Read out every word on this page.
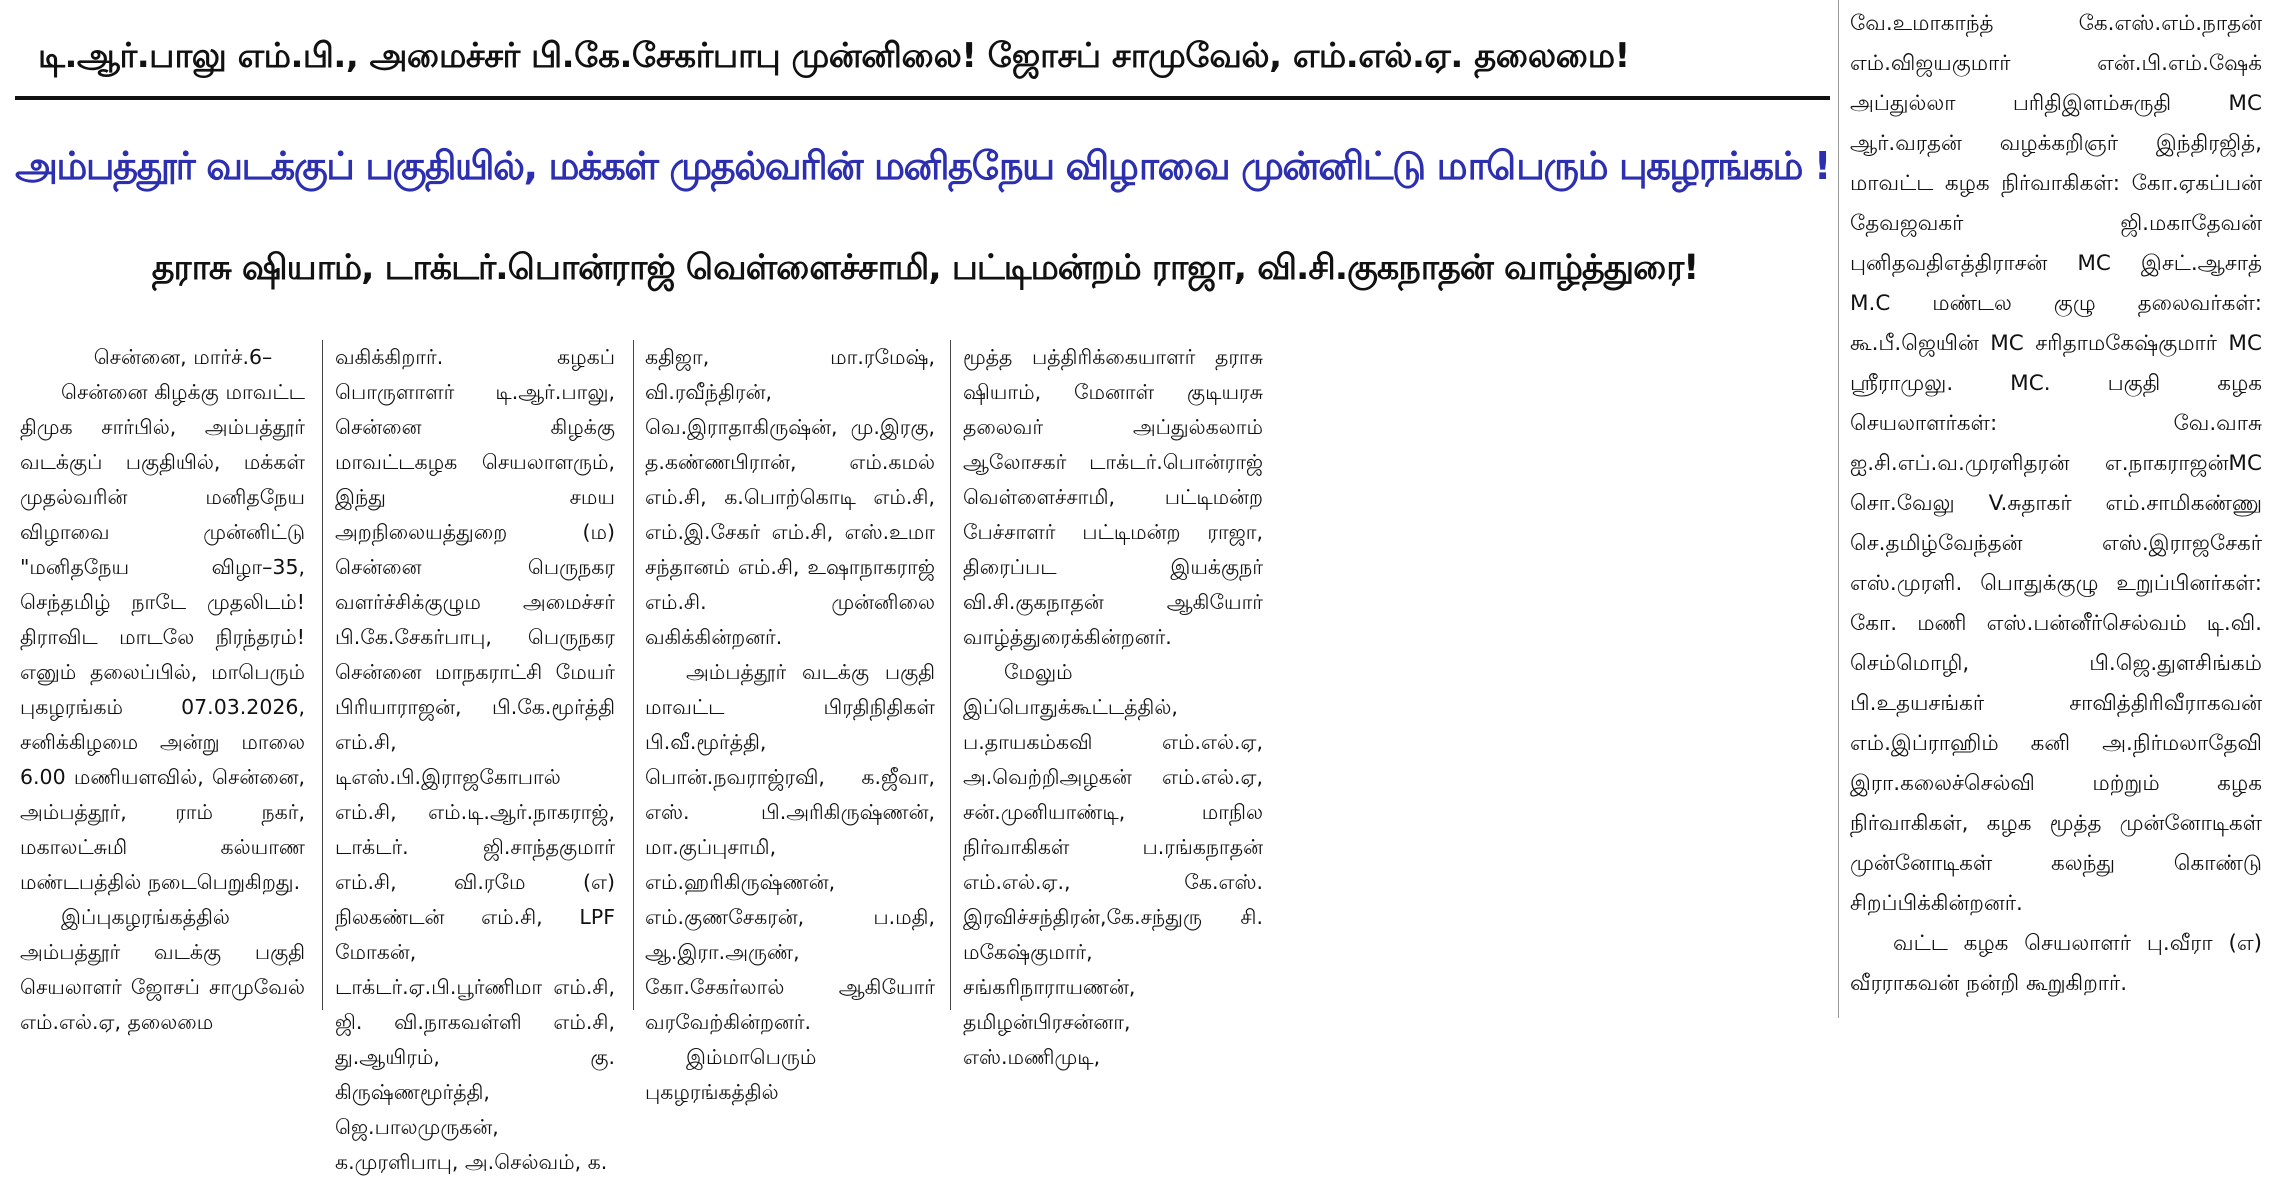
டி.ஆர்.பாலு எம்.பி., அமைச்சர் பி.கே.சேகர்பாபு முன்னிலை! ஜோசப் சாமுவேல், எம்.எல்.ஏ. தலைமை!
அம்பத்தூர் வடக்குப் பகுதியில், மக்கள் முதல்வரின் மனிதநேய விழாவை முன்னிட்டு மாபெரும் புகழரங்கம் !
தராசு ஷியாம், டாக்டர்.பொன்ராஜ் வெள்ளைச்சாமி, பட்டிமன்றம் ராஜா, வி.சி.குகநாதன் வாழ்த்துரை!

சென்னை, மார்ச்.6–

சென்னை கிழக்கு மாவட்ட திமுக சார்பில், அம்பத்தூர் வடக்குப் பகுதியில், மக்கள் முதல்வரின் மனிதநேய விழாவை முன்னிட்டு "மனிதநேய விழா–35, செந்தமிழ் நாடே முதலிடம்! திராவிட மாடலே நிரந்தரம்! எனும் தலைப்பில், மாபெரும் புகழரங்கம் 07.03.2026, சனிக்கிழமை அன்று மாலை 6.00 மணியளவில், சென்னை, அம்பத்தூர், ராம் நகர், மகாலட்சுமி கல்யாண மண்டபத்தில் நடைபெறுகிறது.

இப்புகழரங்கத்தில் அம்பத்தூர் வடக்கு பகுதி செயலாளர் ஜோசப் சாமுவேல் எம்.எல்.ஏ, தலைமை

வகிக்கிறார். கழகப் பொருளாளர் டி.ஆர்.பாலு, சென்னை கிழக்கு மாவட்டகழக செயலாளரும், இந்து சமய அறநிலையத்துறை (ம) சென்னை பெருநகர வளர்ச்சிக்குழும அமைச்சர் பி.கே.சேகர்பாபு, பெருநகர சென்னை மாநகராட்சி மேயர் பிரியாராஜன், பி.கே.மூர்த்தி எம்.சி, டிஎஸ்.பி.இராஜகோபால் எம்.சி, எம்.டி.ஆர்.நாகராஜ், டாக்டர். ஜி.சாந்தகுமார் எம்.சி, வி.ரமே (எ) நிலகண்டன் எம்.சி, LPF மோகன், டாக்டர்.ஏ.பி.பூர்ணிமா எம்.சி, ஜி. வி.நாகவள்ளி எம்.சி, து.ஆயிரம், கு. கிருஷ்ணமூர்த்தி, ஜெ.பாலமுருகன், க.முரளிபாபு, அ.செல்வம், க.

கதிஜா, மா.ரமேஷ், வி.ரவீந்திரன், வெ.இராதாகிருஷ்ன், மு.இரகு, த.கண்ணபிரான், எம்.கமல் எம்.சி, க.பொற்கொடி எம்.சி, எம்.இ.சேகர் எம்.சி, எஸ்.உமா சந்தானம் எம்.சி, உஷாநாகராஜ் எம்.சி. முன்னிலை வகிக்கின்றனர்.

அம்பத்தூர் வடக்கு பகுதி மாவட்ட பிரதிநிதிகள் பி.வீ.மூர்த்தி, பொன்.நவராஜ்ரவி, க.ஜீவா, எஸ். பி.அரிகிருஷ்ணன், மா.குப்புசாமி, எம்.ஹரிகிருஷ்ணன், எம்.குணசேகரன், ப.மதி, ஆ.இரா.அருண், கோ.சேகர்லால் ஆகியோர் வரவேற்கின்றனர்.

இம்மாபெரும் புகழரங்கத்தில்

மூத்த பத்திரிக்கையாளர் தராசு ஷியாம், மேனாள் குடியரசு தலைவர் அப்துல்கலாம் ஆலோசகர் டாக்டர்.பொன்ராஜ் வெள்ளைச்சாமி, பட்டிமன்ற பேச்சாளர் பட்டிமன்ற ராஜா, திரைப்பட இயக்குநர் வி.சி.குகநாதன் ஆகியோர் வாழ்த்துரைக்கின்றனர்.

மேலும் இப்பொதுக்கூட்டத்தில், ப.தாயகம்கவி எம்.எல்.ஏ, அ.வெற்றிஅழகன் எம்.எல்.ஏ, சன்.முனியாண்டி, மாநில நிர்வாகிகள் ப.ரங்கநாதன் எம்.எல்.ஏ., கே.எஸ். இரவிச்சந்திரன்,கே.சந்துரு சி. மகேஷ்குமார், சங்கரிநாராயணன், தமிழன்பிரசன்னா, எஸ்.மணிமுடி,

வே.உமாகாந்த் கே.எஸ்.எம்.நாதன் எம்.விஜயகுமார் என்.பி.எம்.ஷேக் அப்துல்லா பரிதிஇளம்சுருதி MC ஆர்.வரதன் வழக்கறிஞர் இந்திரஜித், மாவட்ட கழக நிர்வாகிகள்: கோ.ஏகப்பன் தேவஜவகர் ஜி.மகாதேவன் புனிதவதிஎத்திராசன் MC இசட்.ஆசாத் M.C மண்டல குழு தலைவர்கள்: கூ.பீ.ஜெயின் MC சரிதாமகேஷ்குமார் MC ஸ்ரீராமுலு. MC. பகுதி கழக செயலாளர்கள்: வே.வாசு ஐ.சி.எப்.வ.முரளிதரன் எ.நாகராஜன்MC சொ.வேலு V.சுதாகர் எம்.சாமிகண்ணு செ.தமிழ்வேந்தன் எஸ்.இராஜசேகர் எஸ்.முரளி. பொதுக்குழு உறுப்பினர்கள்: கோ. மணி எஸ்.பன்னீர்செல்வம் டி.வி. செம்மொழி, பி.ஜெ.துளசிங்கம் பி.உதயசங்கர் சாவித்திரிவீராகவன் எம்.இப்ராஹிம் கனி அ.நிர்மலாதேவி இரா.கலைச்செல்வி மற்றும் கழக நிர்வாகிகள், கழக மூத்த முன்னோடிகள் முன்னோடிகள் கலந்து கொண்டு சிறப்பிக்கின்றனர்.

வட்ட கழக செயலாளர் பு.வீரா (எ) வீரராகவன் நன்றி கூறுகிறார்.
